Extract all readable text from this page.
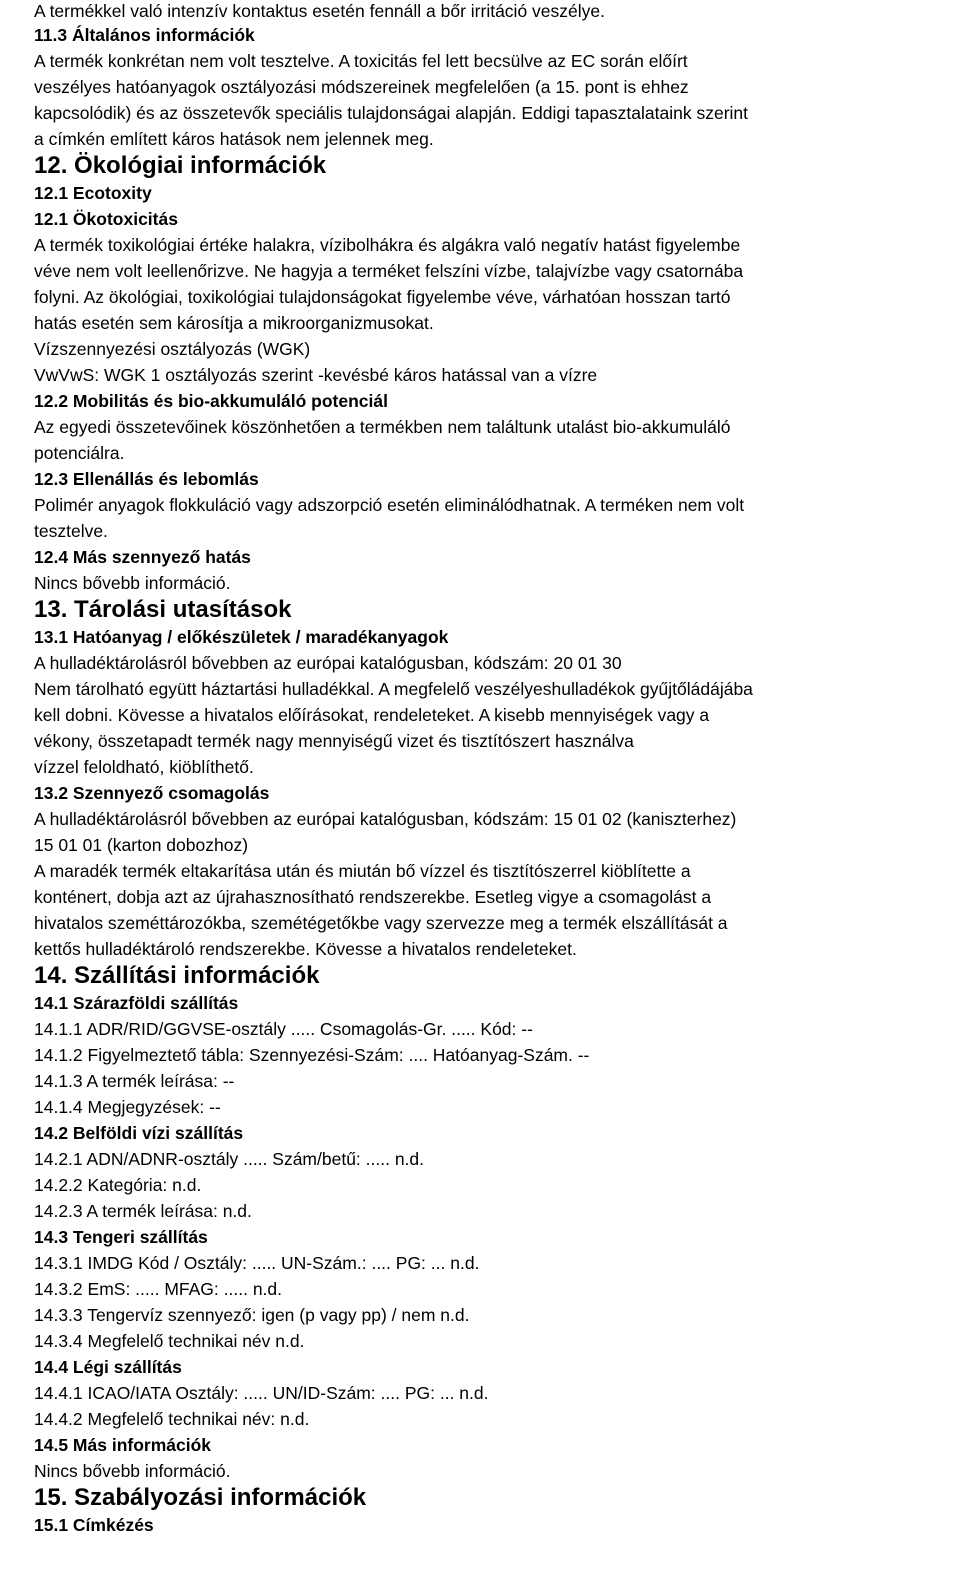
A termékkel való intenzív kontaktus esetén fennáll a bőr irritáció veszélye.
11.3 Általános információk
A termék konkrétan nem volt tesztelve. A toxicitás fel lett becsülve az EC során előírt
veszélyes hatóanyagok osztályozási módszereinek megfelelően (a 15. pont is ehhez
kapcsolódik) és az összetevők speciális tulajdonságai alapján. Eddigi tapasztalataink szerint
a címkén említett káros hatások nem jelennek meg.
12. Ökológiai információk
12.1 Ecotoxity
12.1 Ökotoxicitás
A termék toxikológiai értéke halakra, vízibolhákra és algákra való negatív hatást figyelembe
véve nem volt leellenőrizve. Ne hagyja a terméket felszíni vízbe, talajvízbe vagy csatornába
folyni. Az ökológiai, toxikológiai tulajdonságokat figyelembe véve, várhatóan hosszan tartó
hatás esetén sem károsítja a mikroorganizmusokat.
Vízszennyezési osztályozás (WGK)
VwVwS: WGK 1 osztályozás szerint -kevésbé káros hatással van a vízre
12.2 Mobilitás és bio-akkumuláló potenciál
Az egyedi összetevőinek köszönhetően a termékben nem találtunk utalást bio-akkumuláló
potenciálra.
12.3 Ellenállás és lebomlás
Polimér anyagok flokkuláció vagy adszorpció esetén eliminálódhatnak. A terméken nem volt
tesztelve.
12.4 Más szennyező hatás
Nincs bővebb információ.
13. Tárolási utasítások
13.1 Hatóanyag / előkészületek / maradékanyagok
A hulladéktárolásról bővebben az európai katalógusban, kódszám: 20 01 30
Nem tárolható együtt háztartási hulladékkal. A megfelelő veszélyeshulladékok gyűjtőládájába
kell dobni. Kövesse a hivatalos előírásokat, rendeleteket. A kisebb mennyiségek vagy a
vékony, összetapadt termék nagy mennyiségű vizet és tisztítószert használva
vízzel feloldható, kiöblíthető.
13.2 Szennyező csomagolás
A hulladéktárolásról bővebben az európai katalógusban, kódszám: 15 01 02 (kaniszterhez)
15 01 01 (karton dobozhoz)
A maradék termék eltakarítása után és miután bő vízzel és tisztítószerrel kiöblítette a
konténert, dobja azt az újrahasznosítható rendszerekbe. Esetleg vigye a csomagolást a
hivatalos szeméttározókba, szemétégetőkbe vagy szervezze meg a termék elszállítását a
kettős hulladéktároló rendszerekbe. Kövesse a hivatalos rendeleteket.
14. Szállítási információk
14.1 Szárazföldi szállítás
14.1.1 ADR/RID/GGVSE-osztály ..... Csomagolás-Gr. ..... Kód: --
14.1.2 Figyelmeztető tábla: Szennyezési-Szám: .... Hatóanyag-Szám. --
14.1.3 A termék leírása: --
14.1.4 Megjegyzések: --
14.2 Belföldi vízi szállítás
14.2.1 ADN/ADNR-osztály ..... Szám/betű: ..... n.d.
14.2.2 Kategória: n.d.
14.2.3 A termék leírása: n.d.
14.3 Tengeri szállítás
14.3.1 IMDG Kód / Osztály: ..... UN-Szám.: .... PG: ... n.d.
14.3.2 EmS: ..... MFAG: ..... n.d.
14.3.3 Tengervíz szennyező: igen (p vagy pp) / nem n.d.
14.3.4 Megfelelő technikai név n.d.
14.4 Légi szállítás
14.4.1 ICAO/IATA Osztály: ..... UN/ID-Szám: .... PG: ... n.d.
14.4.2 Megfelelő technikai név: n.d.
14.5 Más információk
Nincs bővebb információ.
15. Szabályozási információk
15.1 Címkézés
